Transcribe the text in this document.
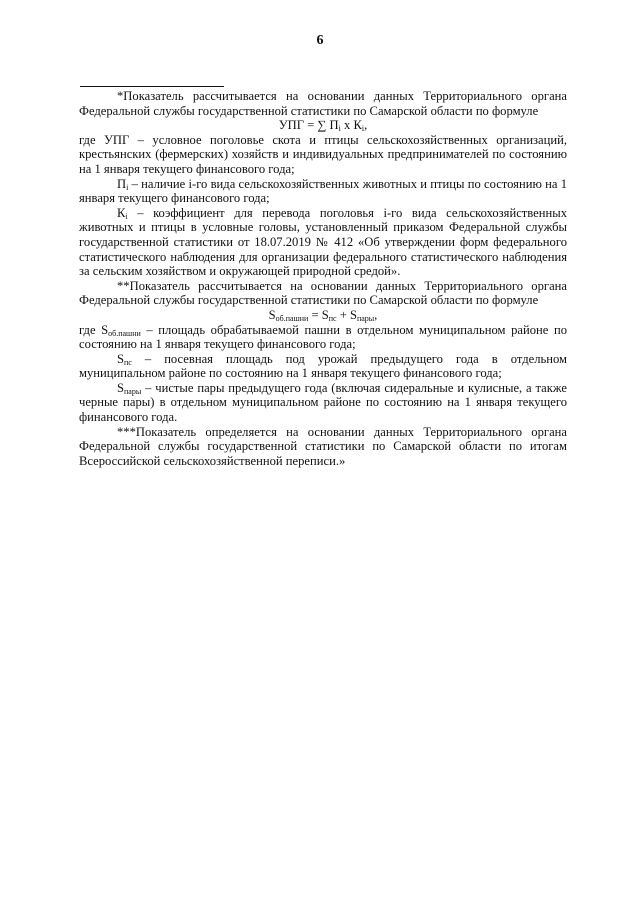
6

*Показатель рассчитывается на основании данных Территориального органа Федеральной службы государственной статистики по Самарской области по формуле

УПГ = ∑ $П_i$ х $К_i$,

где УПГ – условное поголовье скота и птицы сельскохозяйственных организаций, крестьянских (фермерских) хозяйств и индивидуальных предпринимателей по состоянию на 1 января текущего финансового года;

$П_i$ – наличие i-го вида сельскохозяйственных животных и птицы по состоянию на 1 января текущего финансового года;

$К_i$ – коэффициент для перевода поголовья i-го вида сельскохозяйственных животных и птицы в условные головы, установленный приказом Федеральной службы государственной статистики от 18.07.2019 № 412 «Об утверждении форм федерального статистического наблюдения для организации федерального статистического наблюдения за сельским хозяйством и окружающей природной средой».

**Показатель рассчитывается на основании данных Территориального органа Федеральной службы государственной статистики по Самарской области по формуле

$S_{об.пашни} = S_{пс} + S_{пары}$,

где $S_{об.пашни}$ – площадь обрабатываемой пашни в отдельном муниципальном районе по состоянию на 1 января текущего финансового года;

$S_{пс}$ – посевная площадь под урожай предыдущего года в отдельном муниципальном районе по состоянию на 1 января текущего финансового года;

$S_{пары}$ – чистые пары предыдущего года (включая сидеральные и кулисные, а также черные пары) в отдельном муниципальном районе по состоянию на 1 января текущего финансового года.

***Показатель определяется на основании данных Территориального органа Федеральной службы государственной статистики по Самарской области по итогам Всероссийской сельскохозяйственной переписи.»
